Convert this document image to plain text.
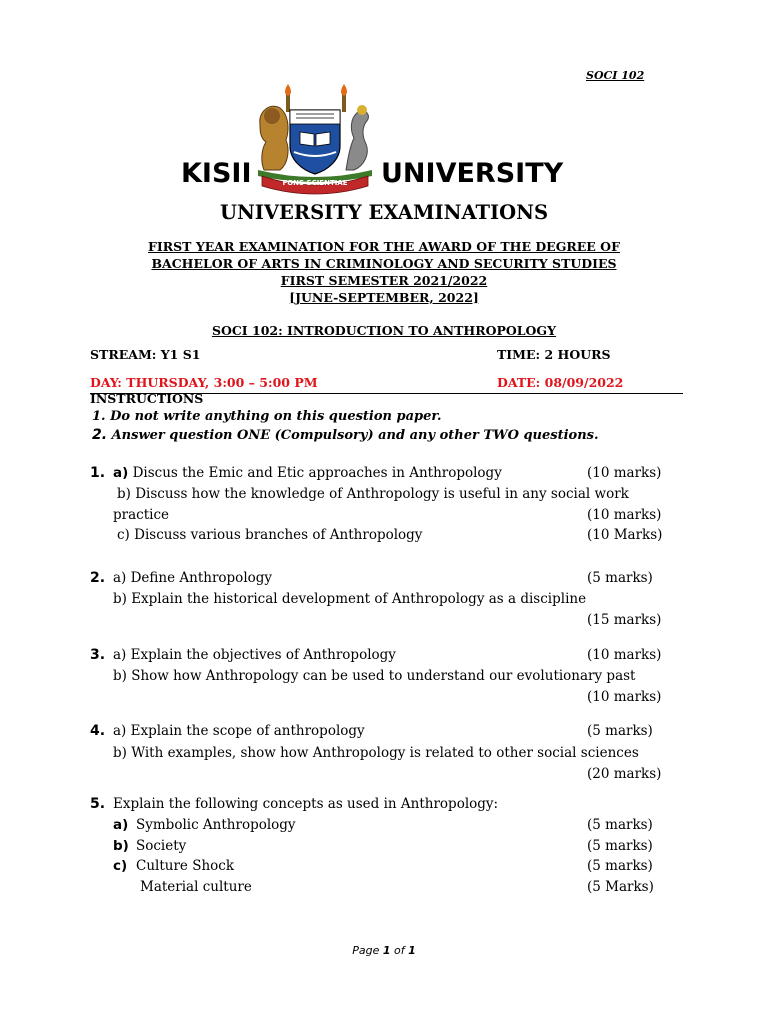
SOCI 102
FONS SCIENTIAE
KISII	UNIVERSITY
UNIVERSITY EXAMINATIONS
FIRST YEAR EXAMINATION FOR THE AWARD OF THE DEGREE OF
BACHELOR OF ARTS IN CRIMINOLOGY AND SECURITY STUDIES
FIRST SEMESTER 2021/2022
[JUNE-SEPTEMBER, 2022]
SOCI 102: INTRODUCTION TO ANTHROPOLOGY
STREAM: Y1 S1	TIME: 2 HOURS
DAY: THURSDAY, 3:00 – 5:00 PM	DATE: 08/09/2022
INSTRUCTIONS
1. Do not write anything on this question paper.
2. Answer question ONE (Compulsory) and any other TWO questions.
1. a) Discus the Emic and Etic approaches in Anthropology	(10 marks)
b) Discuss how the knowledge of Anthropology is useful in any social work
practice	(10 marks)
c) Discuss various branches of Anthropology	(10 Marks)
2. a) Define Anthropology	(5 marks)
b) Explain the historical development of Anthropology as a discipline
(15 marks)
3. a) Explain the objectives of Anthropology	(10 marks)
b) Show how Anthropology can be used to understand our evolutionary past
(10 marks)
4. a) Explain the scope of anthropology	(5 marks)
b) With examples, show how Anthropology is related to other social sciences
(20 marks)
5. Explain the following concepts as used in Anthropology:
a) Symbolic Anthropology	(5 marks)
b) Society	(5 marks)
c) Culture Shock	(5 marks)
Material culture	(5 Marks)
Page 1 of 1
